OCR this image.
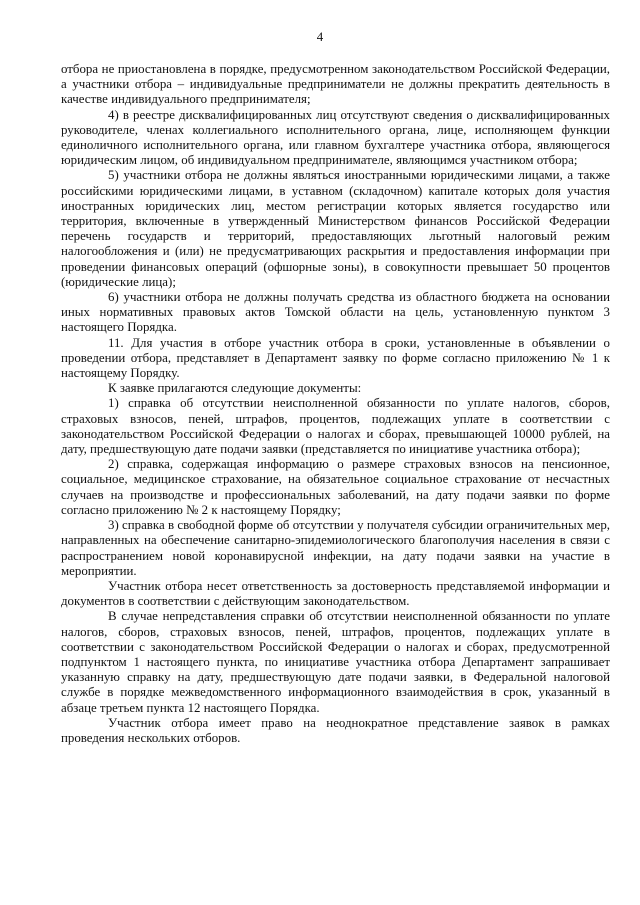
4

отбора не приостановлена в порядке, предусмотренном законодательством Российской Федерации, а участники отбора – индивидуальные предприниматели не должны прекратить деятельность в качестве индивидуального предпринимателя;

4) в реестре дисквалифицированных лиц отсутствуют сведения о дисквалифицированных руководителе, членах коллегиального исполнительного органа, лице, исполняющем функции единоличного исполнительного органа, или главном бухгалтере участника отбора, являющегося юридическим лицом, об индивидуальном предпринимателе, являющимся участником отбора;

5) участники отбора не должны являться иностранными юридическими лицами, а также российскими юридическими лицами, в уставном (складочном) капитале которых доля участия иностранных юридических лиц, местом регистрации которых является государство или территория, включенные в утвержденный Министерством финансов Российской Федерации перечень государств и территорий, предоставляющих льготный налоговый режим налогообложения и (или) не предусматривающих раскрытия и предоставления информации при проведении финансовых операций (офшорные зоны), в совокупности превышает 50 процентов (юридические лица);

6) участники отбора не должны получать средства из областного бюджета на основании иных нормативных правовых актов Томской области на цель, установленную пунктом 3 настоящего Порядка.

11. Для участия в отборе участник отбора в сроки, установленные в объявлении о проведении отбора, представляет в Департамент заявку по форме согласно приложению № 1 к настоящему Порядку.

К заявке прилагаются следующие документы:

1) справка об отсутствии неисполненной обязанности по уплате налогов, сборов, страховых взносов, пеней, штрафов, процентов, подлежащих уплате в соответствии с законодательством Российской Федерации о налогах и сборах, превышающей 10000 рублей, на дату, предшествующую дате подачи заявки (представляется по инициативе участника отбора);

2) справка, содержащая информацию о размере страховых взносов на пенсионное, социальное, медицинское страхование, на обязательное социальное страхование от несчастных случаев на производстве и профессиональных заболеваний, на дату подачи заявки по форме согласно приложению № 2 к настоящему Порядку;

3) справка в свободной форме об отсутствии у получателя субсидии ограничительных мер, направленных на обеспечение санитарно-эпидемиологического благополучия населения в связи с распространением новой коронавирусной инфекции, на дату подачи заявки на участие в мероприятии.

Участник отбора несет ответственность за достоверность представляемой информации и документов в соответствии с действующим законодательством.

В случае непредставления справки об отсутствии неисполненной обязанности по уплате налогов, сборов, страховых взносов, пеней, штрафов, процентов, подлежащих уплате в соответствии с законодательством Российской Федерации о налогах и сборах, предусмотренной подпунктом 1 настоящего пункта, по инициативе участника отбора Департамент запрашивает указанную справку на дату, предшествующую дате подачи заявки, в Федеральной налоговой службе в порядке межведомственного информационного взаимодействия в срок, указанный в абзаце третьем пункта 12 настоящего Порядка.

Участник отбора имеет право на неоднократное представление заявок в рамках проведения нескольких отборов.
